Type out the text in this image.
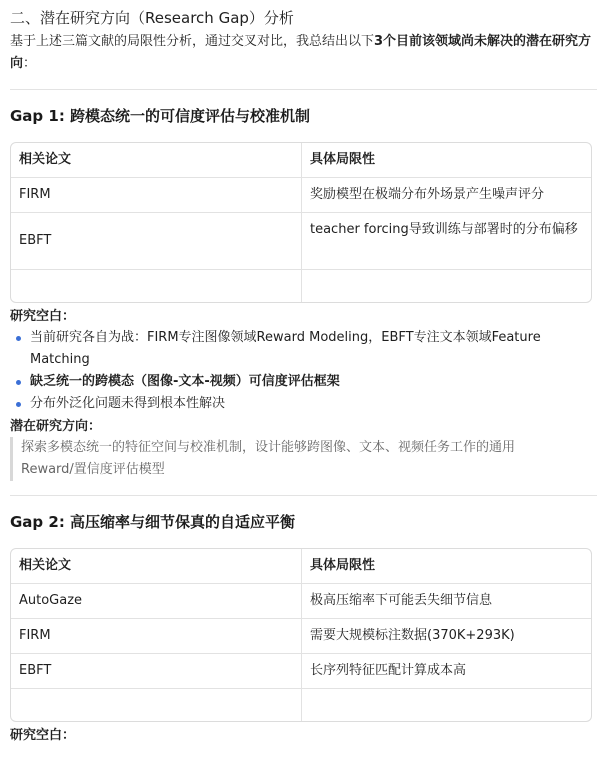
二、潜在研究方向（Research Gap）分析
基于上述三篇文献的局限性分析，通过交叉对比，我总结出以下3个目前该领域尚未解决的潜在研究方向：
Gap 1: 跨模态统一的可信度评估与校准机制
相关论文	具体局限性
FIRM	奖励模型在极端分布外场景产生噪声评分
EBFT	teacher forcing导致训练与部署时的分布偏移

研究空白：
当前研究各自为战：FIRM专注图像领域Reward Modeling，EBFT专注文本领域Feature Matching
缺乏统一的跨模态（图像-文本-视频）可信度评估框架
分布外泛化问题未得到根本性解决
潜在研究方向：
探索多模态统一的特征空间与校准机制，设计能够跨图像、文本、视频任务工作的通用Reward/置信度评估模型
Gap 2: 高压缩率与细节保真的自适应平衡
相关论文	具体局限性
AutoGaze	极高压缩率下可能丢失细节信息
FIRM	需要大规模标注数据(370K+293K)
EBFT	长序列特征匹配计算成本高

研究空白：
